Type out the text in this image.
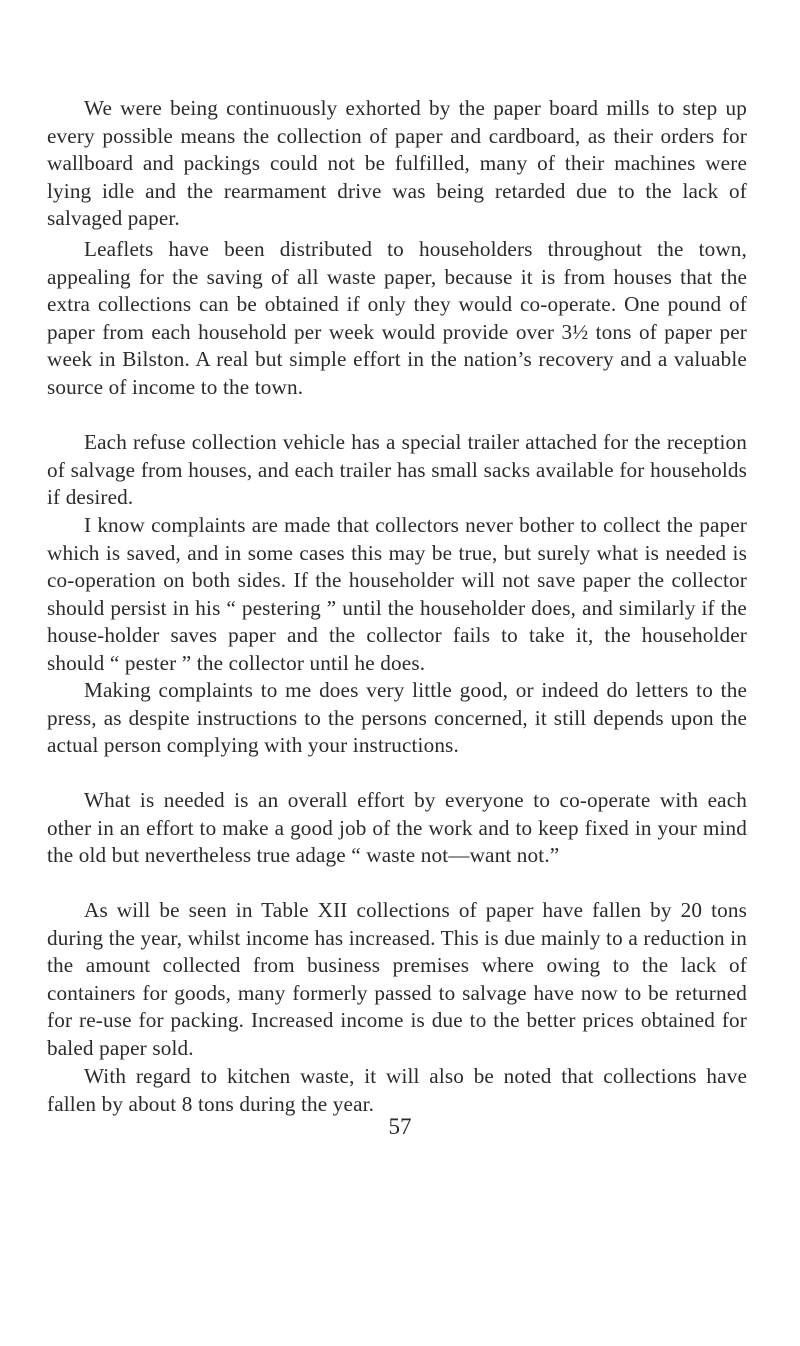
We were being continuously exhorted by the paper board mills to step up every possible means the collection of paper and cardboard, as their orders for wallboard and packings could not be fulfilled, many of their machines were lying idle and the rearmament drive was being retarded due to the lack of salvaged paper.

Leaflets have been distributed to householders throughout the town, appealing for the saving of all waste paper, because it is from houses that the extra collections can be obtained if only they would co-operate. One pound of paper from each household per week would provide over 3½ tons of paper per week in Bilston. A real but simple effort in the nation’s recovery and a valuable source of income to the town.

Each refuse collection vehicle has a special trailer attached for the reception of salvage from houses, and each trailer has small sacks available for households if desired.

I know complaints are made that collectors never bother to collect the paper which is saved, and in some cases this may be true, but surely what is needed is co-operation on both sides. If the householder will not save paper the collector should persist in his “ pestering ” until the householder does, and similarly if the house-holder saves paper and the collector fails to take it, the householder should “ pester ” the collector until he does.

Making complaints to me does very little good, or indeed do letters to the press, as despite instructions to the persons concerned, it still depends upon the actual person complying with your instructions.

What is needed is an overall effort by everyone to co-operate with each other in an effort to make a good job of the work and to keep fixed in your mind the old but nevertheless true adage “ waste not—want not.”

As will be seen in Table XII collections of paper have fallen by 20 tons during the year, whilst income has increased. This is due mainly to a reduction in the amount collected from business premises where owing to the lack of containers for goods, many formerly passed to salvage have now to be returned for re-use for packing. Increased income is due to the better prices obtained for baled paper sold.

With regard to kitchen waste, it will also be noted that collections have fallen by about 8 tons during the year.

57
